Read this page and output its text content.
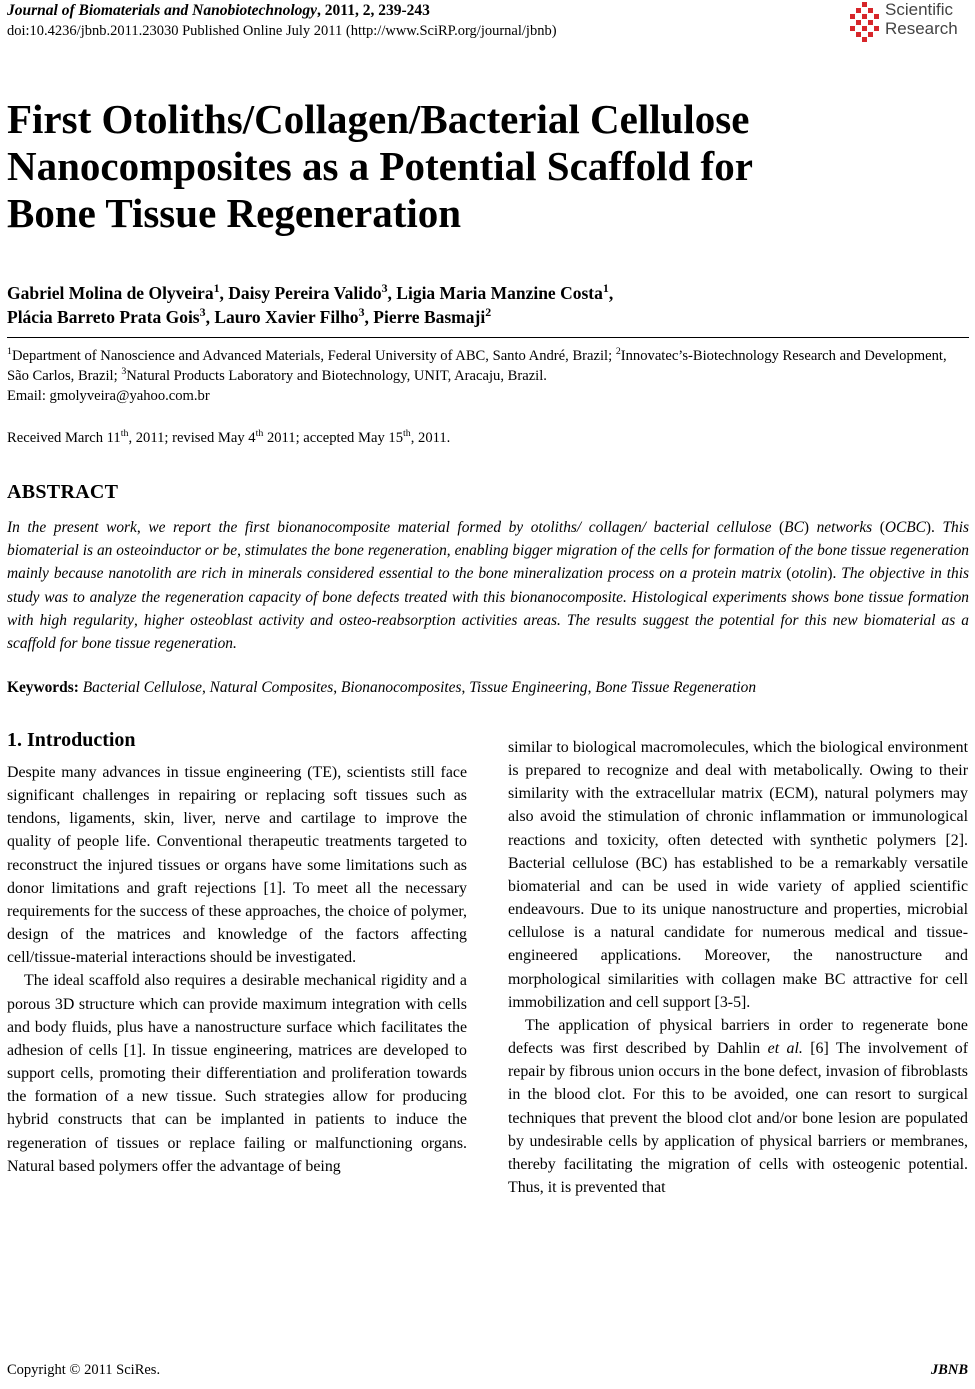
Journal of Biomaterials and Nanobiotechnology, 2011, 2, 239-243
doi:10.4236/jbnb.2011.23030 Published Online July 2011 (http://www.SciRP.org/journal/jbnb)
Scientific
Research
First Otoliths/Collagen/Bacterial Cellulose
Nanocomposites as a Potential Scaffold for
Bone Tissue Regeneration
Gabriel Molina de Olyveira$^1$, Daisy Pereira Valido$^3$, Ligia Maria Manzine Costa$^1$,
Plácia Barreto Prata Gois$^3$, Lauro Xavier Filho$^3$, Pierre Basmaji$^2$
$^1$Department of Nanoscience and Advanced Materials, Federal University of ABC, Santo André, Brazil; $^2$Innovatec’s-Biotechnology Research and Development, São Carlos, Brazil; $^3$Natural Products Laboratory and Biotechnology, UNIT, Aracaju, Brazil.
Email: gmolyveira@yahoo.com.br
Received March 11th, 2011; revised May 4th 2011; accepted May 15th, 2011.
ABSTRACT
In the present work, we report the first bionanocomposite material formed by otoliths/ collagen/ bacterial cellulose (BC) networks (OCBC). This biomaterial is an osteoinductor or be, stimulates the bone regeneration, enabling bigger migration of the cells for formation of the bone tissue regeneration mainly because nanotolith are rich in minerals considered essential to the bone mineralization process on a protein matrix (otolin). The objective in this study was to analyze the regeneration capacity of bone defects treated with this bionanocomposite. Histological experiments shows bone tissue formation with high regularity, higher osteoblast activity and osteo-reabsorption activities areas. The results suggest the potential for this new biomaterial as a scaffold for bone tissue regeneration.
Keywords: Bacterial Cellulose, Natural Composites, Bionanocomposites, Tissue Engineering, Bone Tissue Regeneration
1. Introduction

Despite many advances in tissue engineering (TE), scientists still face significant challenges in repairing or replacing soft tissues such as tendons, ligaments, skin, liver, nerve and cartilage to improve the quality of people life. Conventional therapeutic treatments targeted to reconstruct the injured tissues or organs have some limitations such as donor limitations and graft rejections [1]. To meet all the necessary requirements for the success of these approaches, the choice of polymer, design of the matrices and knowledge of the factors affecting cell/tissue-material interactions should be investigated.

The ideal scaffold also requires a desirable mechanical rigidity and a porous 3D structure which can provide maximum integration with cells and body fluids, plus have a nanostructure surface which facilitates the adhesion of cells [1]. In tissue engineering, matrices are developed to support cells, promoting their differentiation and proliferation towards the formation of a new tissue. Such strategies allow for producing hybrid constructs that can be implanted in patients to induce the regeneration of tissues or replace failing or malfunctioning organs. Natural based polymers offer the advantage of being

similar to biological macromolecules, which the biological environment is prepared to recognize and deal with metabolically. Owing to their similarity with the extracellular matrix (ECM), natural polymers may also avoid the stimulation of chronic inflammation or immunological reactions and toxicity, often detected with synthetic polymers [2]. Bacterial cellulose (BC) has established to be a remarkably versatile biomaterial and can be used in wide variety of applied scientific endeavours. Due to its unique nanostructure and properties, microbial cellulose is a natural candidate for numerous medical and tissue-engineered applications. Moreover, the nanostructure and morphological similarities with collagen make BC attractive for cell immobilization and cell support [3-5].

The application of physical barriers in order to regenerate bone defects was first described by Dahlin et al. [6] The involvement of repair by fibrous union occurs in the bone defect, invasion of fibroblasts in the blood clot. For this to be avoided, one can resort to surgical techniques that prevent the blood clot and/or bone lesion are populated by undesirable cells by application of physical barriers or membranes, thereby facilitating the migration of cells with osteogenic potential. Thus, it is prevented that

Copyright © 2011 SciRes.	JBNB
